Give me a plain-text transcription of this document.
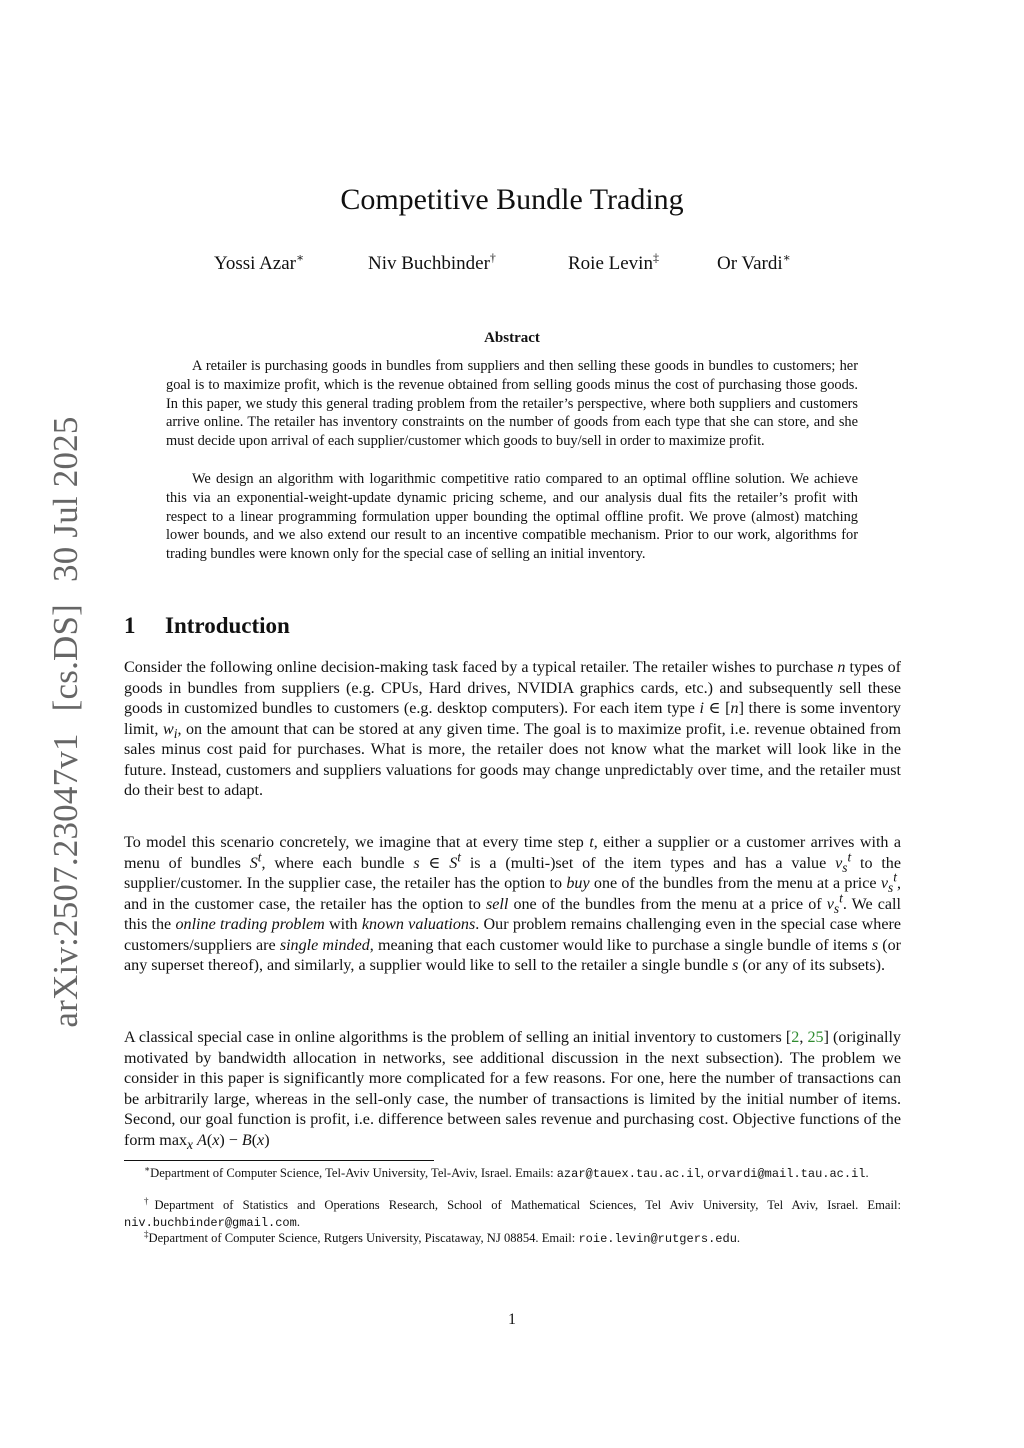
arXiv:2507.23047v1[cs.DS]30 Jul 2025
Competitive Bundle Trading
Yossi Azar∗	Niv Buchbinder†	Roie Levin‡	Or Vardi∗
Abstract

A retailer is purchasing goods in bundles from suppliers and then selling these goods in bundles to customers; her goal is to maximize profit, which is the revenue obtained from selling goods minus the cost of purchasing those goods. In this paper, we study this general trading problem from the retailer’s perspective, where both suppliers and customers arrive online. The retailer has inventory constraints on the number of goods from each type that she can store, and she must decide upon arrival of each supplier/customer which goods to buy/sell in order to maximize profit.

We design an algorithm with logarithmic competitive ratio compared to an optimal offline solution. We achieve this via an exponential-weight-update dynamic pricing scheme, and our analysis dual fits the retailer’s profit with respect to a linear programming formulation upper bounding the optimal offline profit. We prove (almost) matching lower bounds, and we also extend our result to an incentive compatible mechanism. Prior to our work, algorithms for trading bundles were known only for the special case of selling an initial inventory.

1 Introduction

Consider the following online decision-making task faced by a typical retailer. The retailer wishes to purchase n types of goods in bundles from suppliers (e.g. CPUs, Hard drives, NVIDIA graphics cards, etc.) and subsequently sell these goods in customized bundles to customers (e.g. desktop computers). For each item type i ∈ [n] there is some inventory limit, $w_i$, on the amount that can be stored at any given time. The goal is to maximize profit, i.e. revenue obtained from sales minus cost paid for purchases. What is more, the retailer does not know what the market will look like in the future. Instead, customers and suppliers valuations for goods may change unpredictably over time, and the retailer must do their best to adapt.

To model this scenario concretely, we imagine that at every time step t, either a supplier or a customer arrives with a menu of bundles $S^t$, where each bundle s ∈ $S^t$ is a (multi-)set of the item types and has a value $v_s^t$ to the supplier/customer. In the supplier case, the retailer has the option to buy one of the bundles from the menu at a price $v_s^t$, and in the customer case, the retailer has the option to sell one of the bundles from the menu at a price of $v_s^t$. We call this the online trading problem with known valuations. Our problem remains challenging even in the special case where customers/suppliers are single minded, meaning that each customer would like to purchase a single bundle of items s (or any superset thereof), and similarly, a supplier would like to sell to the retailer a single bundle s (or any of its subsets).

A classical special case in online algorithms is the problem of selling an initial inventory to customers [2, 25] (originally motivated by bandwidth allocation in networks, see additional discussion in the next subsection). The problem we consider in this paper is significantly more complicated for a few reasons. For one, here the number of transactions can be arbitrarily large, whereas in the sell-only case, the number of transactions is limited by the initial number of items. Second, our goal function is profit, i.e. difference between sales revenue and purchasing cost. Objective functions of the form $\max_x A(x) - B(x)$

∗Department of Computer Science, Tel-Aviv University, Tel-Aviv, Israel. Emails: azar@tauex.tau.ac.il, orvardi@mail.tau.ac.il.

†Department of Statistics and Operations Research, School of Mathematical Sciences, Tel Aviv University, Tel Aviv, Israel. Email: niv.buchbinder@gmail.com.

‡Department of Computer Science, Rutgers University, Piscataway, NJ 08854. Email: roie.levin@rutgers.edu.

1
